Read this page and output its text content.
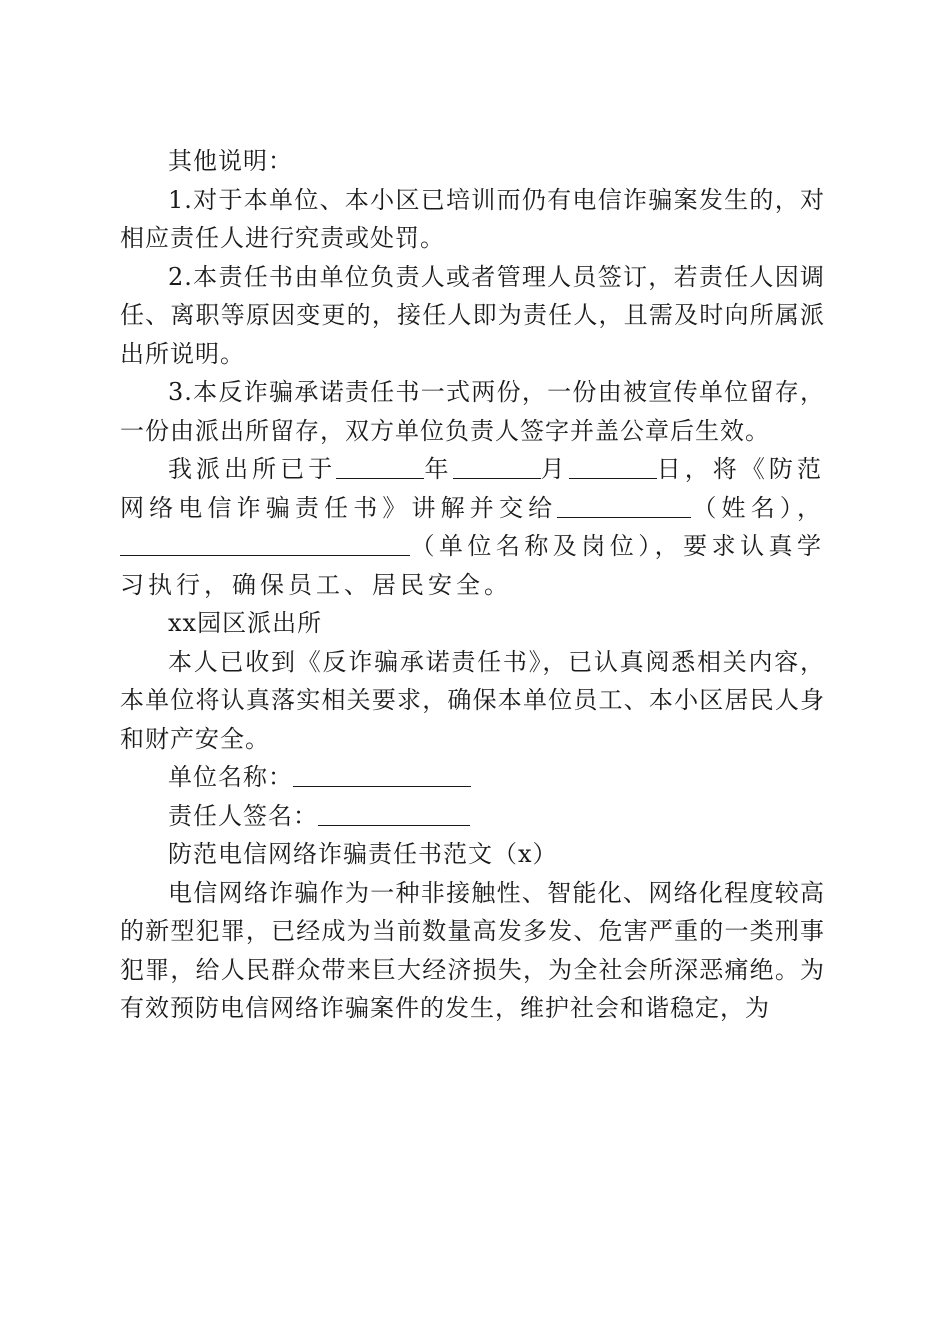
其他说明：

1.对于本单位、本小区已培训而仍有电信诈骗案发生的，对相应责任人进行究责或处罚。

2.本责任书由单位负责人或者管理人员签订，若责任人因调任、离职等原因变更的，接任人即为责任人，且需及时向所属派出所说明。

3.本反诈骗承诺责任书一式两份，一份由被宣传单位留存，一份由派出所留存，双方单位负责人签字并盖公章后生效。

我派出所已于	年	月	日，将《防范网络电信诈骗责任书》讲解并交给	（姓名），（单位名称及岗位），要求认真学习执行，确保员工、居民安全。

xx园区派出所

本人已收到《反诈骗承诺责任书》，已认真阅悉相关内容，本单位将认真落实相关要求，确保本单位员工、本小区居民人身和财产安全。

单位名称：

责任人签名：

防范电信网络诈骗责任书范文（x）

电信网络诈骗作为一种非接触性、智能化、网络化程度较高的新型犯罪，已经成为当前数量高发多发、危害严重的一类刑事犯罪，给人民群众带来巨大经济损失，为全社会所深恶痛绝。为有效预防电信网络诈骗案件的发生，维护社会和谐稳定，为
